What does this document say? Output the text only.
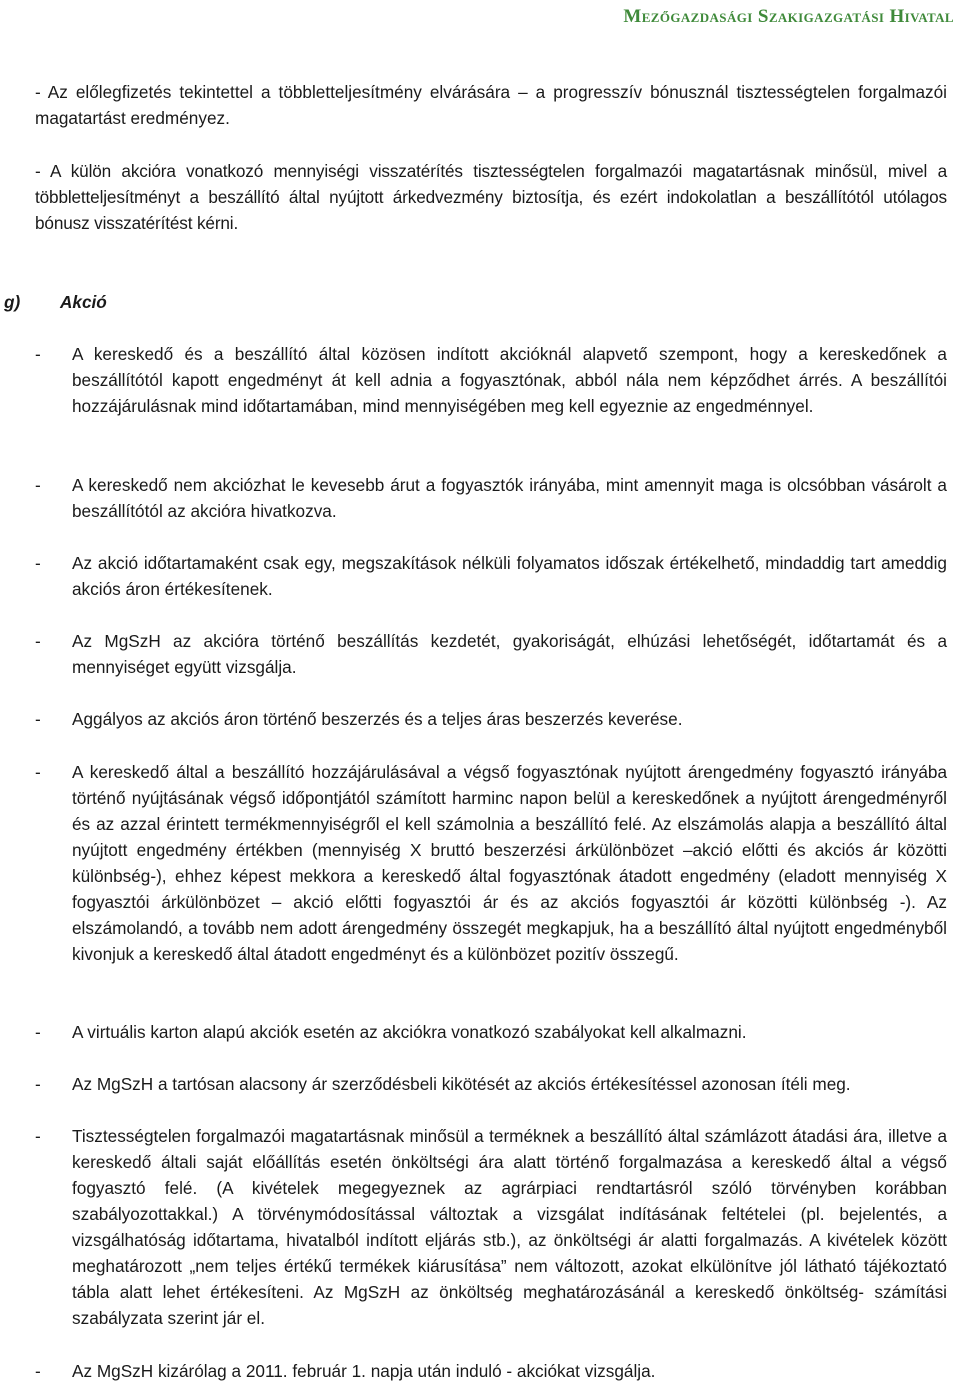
Mezőgazdasági Szakigazgatási Hivatal

- Az előlegfizetés tekintettel a többletteljesítmény elvárására – a progresszív bónusznál tisztességtelen forgalmazói magatartást eredményez.

- A külön akcióra vonatkozó mennyiségi visszatérítés tisztességtelen forgalmazói magatartásnak minősül, mivel a többletteljesítményt a beszállító által nyújtott árkedvezmény biztosítja, és ezért indokolatlan a beszállítótól utólagos bónusz visszatérítést kérni.

g) Akció
-	A kereskedő és a beszállító által közösen indított akcióknál alapvető szempont, hogy a kereskedőnek a beszállítótól kapott engedményt át kell adnia a fogyasztónak, abból nála nem képződhet árrés. A beszállítói hozzájárulásnak mind időtartamában, mind mennyiségében meg kell egyeznie az engedménnyel.
-	A kereskedő nem akciózhat le kevesebb árut a fogyasztók irányába, mint amennyit maga is olcsóbban vásárolt a beszállítótól az akcióra hivatkozva.
-	Az akció időtartamaként csak egy, megszakítások nélküli folyamatos időszak értékelhető, mindaddig tart ameddig akciós áron értékesítenek.
-	Az MgSzH az akcióra történő beszállítás kezdetét, gyakoriságát, elhúzási lehetőségét, időtartamát és a mennyiséget együtt vizsgálja.
-	Aggályos az akciós áron történő beszerzés és a teljes áras beszerzés keverése.
-	A kereskedő által a beszállító hozzájárulásával a végső fogyasztónak nyújtott árengedmény fogyasztó irányába történő nyújtásának végső időpontjától számított harminc napon belül a kereskedőnek a nyújtott árengedményről és az azzal érintett termékmennyiségről el kell számolnia a beszállító felé. Az elszámolás alapja a beszállító által nyújtott engedmény értékben (mennyiség X bruttó beszerzési árkülönbözet –akció előtti és akciós ár közötti különbség-), ehhez képest mekkora a kereskedő által fogyasztónak átadott engedmény (eladott mennyiség X fogyasztói árkülönbözet – akció előtti fogyasztói ár és az akciós fogyasztói ár közötti különbség -). Az elszámolandó, a tovább nem adott árengedmény összegét megkapjuk, ha a beszállító által nyújtott engedményből kivonjuk a kereskedő által átadott engedményt és a különbözet pozitív összegű.
-	A virtuális karton alapú akciók esetén az akciókra vonatkozó szabályokat kell alkalmazni.
-	Az MgSzH a tartósan alacsony ár szerződésbeli kikötését az akciós értékesítéssel azonosan ítéli meg.
-	Tisztességtelen forgalmazói magatartásnak minősül a terméknek a beszállító által számlázott átadási ára, illetve a kereskedő általi saját előállítás esetén önköltségi ára alatt történő forgalmazása a kereskedő által a végső fogyasztó felé. (A kivételek megegyeznek az agrárpiaci rendtartásról szóló törvényben korábban szabályozottakkal.) A törvénymódosítással változtak a vizsgálat indításának feltételei (pl. bejelentés, a vizsgálhatóság időtartama, hivatalból indított eljárás stb.), az önköltségi ár alatti forgalmazás. A kivételek között meghatározott „nem teljes értékű termékek kiárusítása” nem változott, azokat elkülönítve jól látható tájékoztató tábla alatt lehet értékesíteni. Az MgSzH az önköltség meghatározásánál a kereskedő önköltség- számítási szabályzata szerint jár el.
-	Az MgSzH kizárólag a 2011. február 1. napja után induló - akciókat vizsgálja.
